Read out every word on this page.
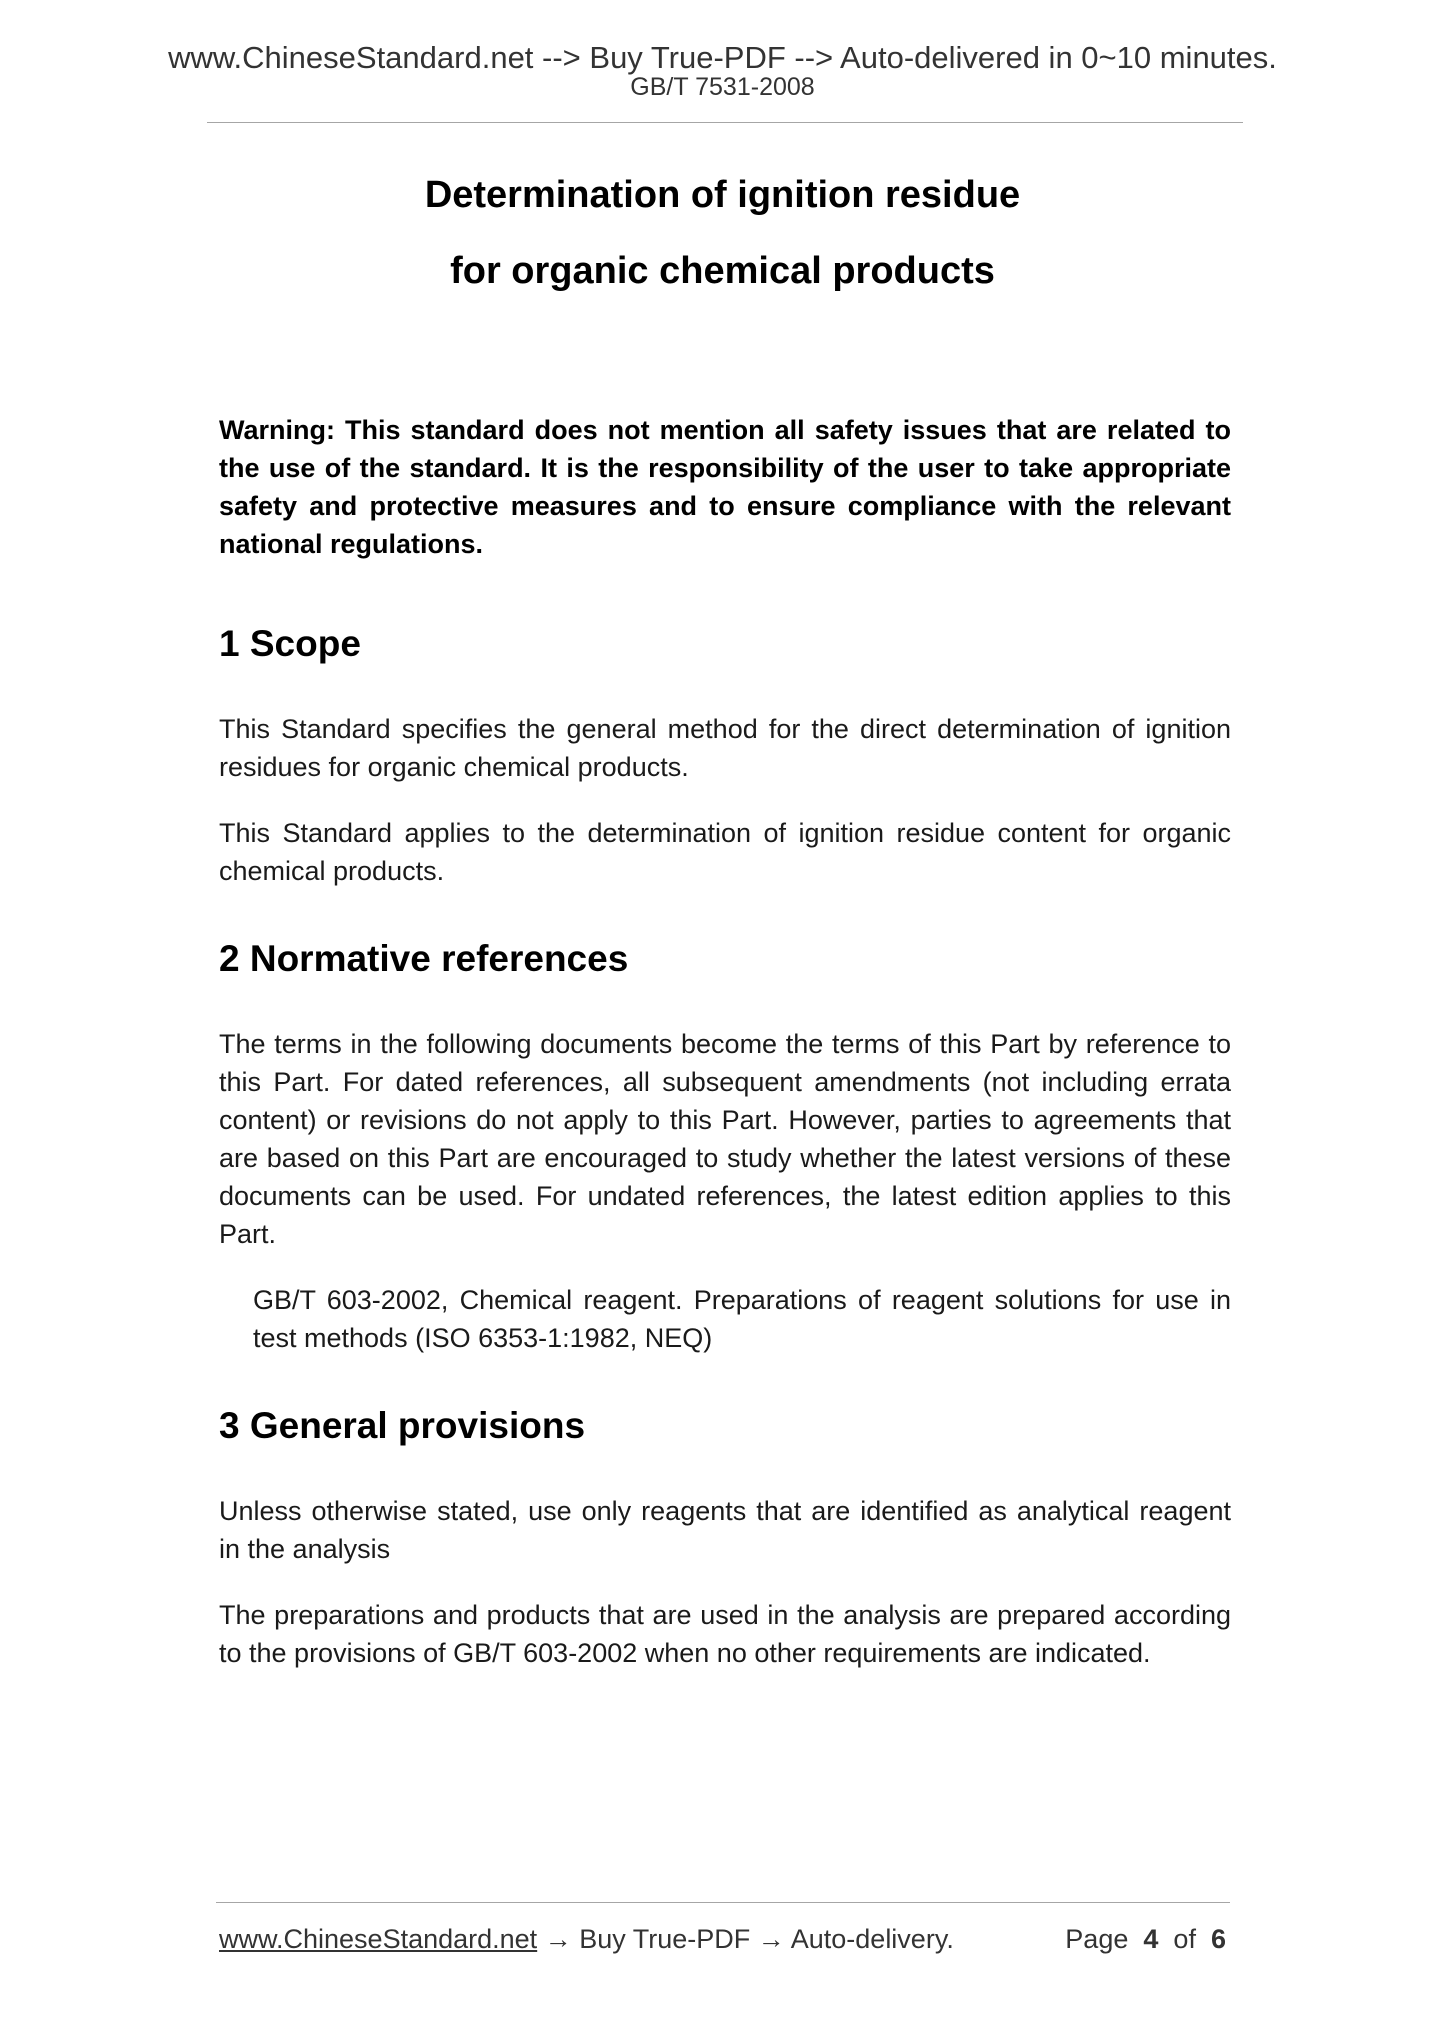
www.ChineseStandard.net --> Buy True-PDF --> Auto-delivered in 0~10 minutes.
GB/T 7531-2008
Determination of ignition residue
for organic chemical products

Warning: This standard does not mention all safety issues that are related to the use of the standard. It is the responsibility of the user to take appropriate safety and protective measures and to ensure compliance with the relevant national regulations.

1 Scope

This Standard specifies the general method for the direct determination of ignition residues for organic chemical products.

This Standard applies to the determination of ignition residue content for organic chemical products.

2 Normative references

The terms in the following documents become the terms of this Part by reference to this Part. For dated references, all subsequent amendments (not including errata content) or revisions do not apply to this Part. However, parties to agreements that are based on this Part are encouraged to study whether the latest versions of these documents can be used. For undated references, the latest edition applies to this Part.

GB/T 603-2002, Chemical reagent. Preparations of reagent solutions for use in test methods (ISO 6353-1:1982, NEQ)

3 General provisions

Unless otherwise stated, use only reagents that are identified as analytical reagent in the analysis

The preparations and products that are used in the analysis are prepared according to the provisions of GB/T 603-2002 when no other requirements are indicated.

www.ChineseStandard.net → Buy True-PDF → Auto-delivery.	Page 4 of 6
